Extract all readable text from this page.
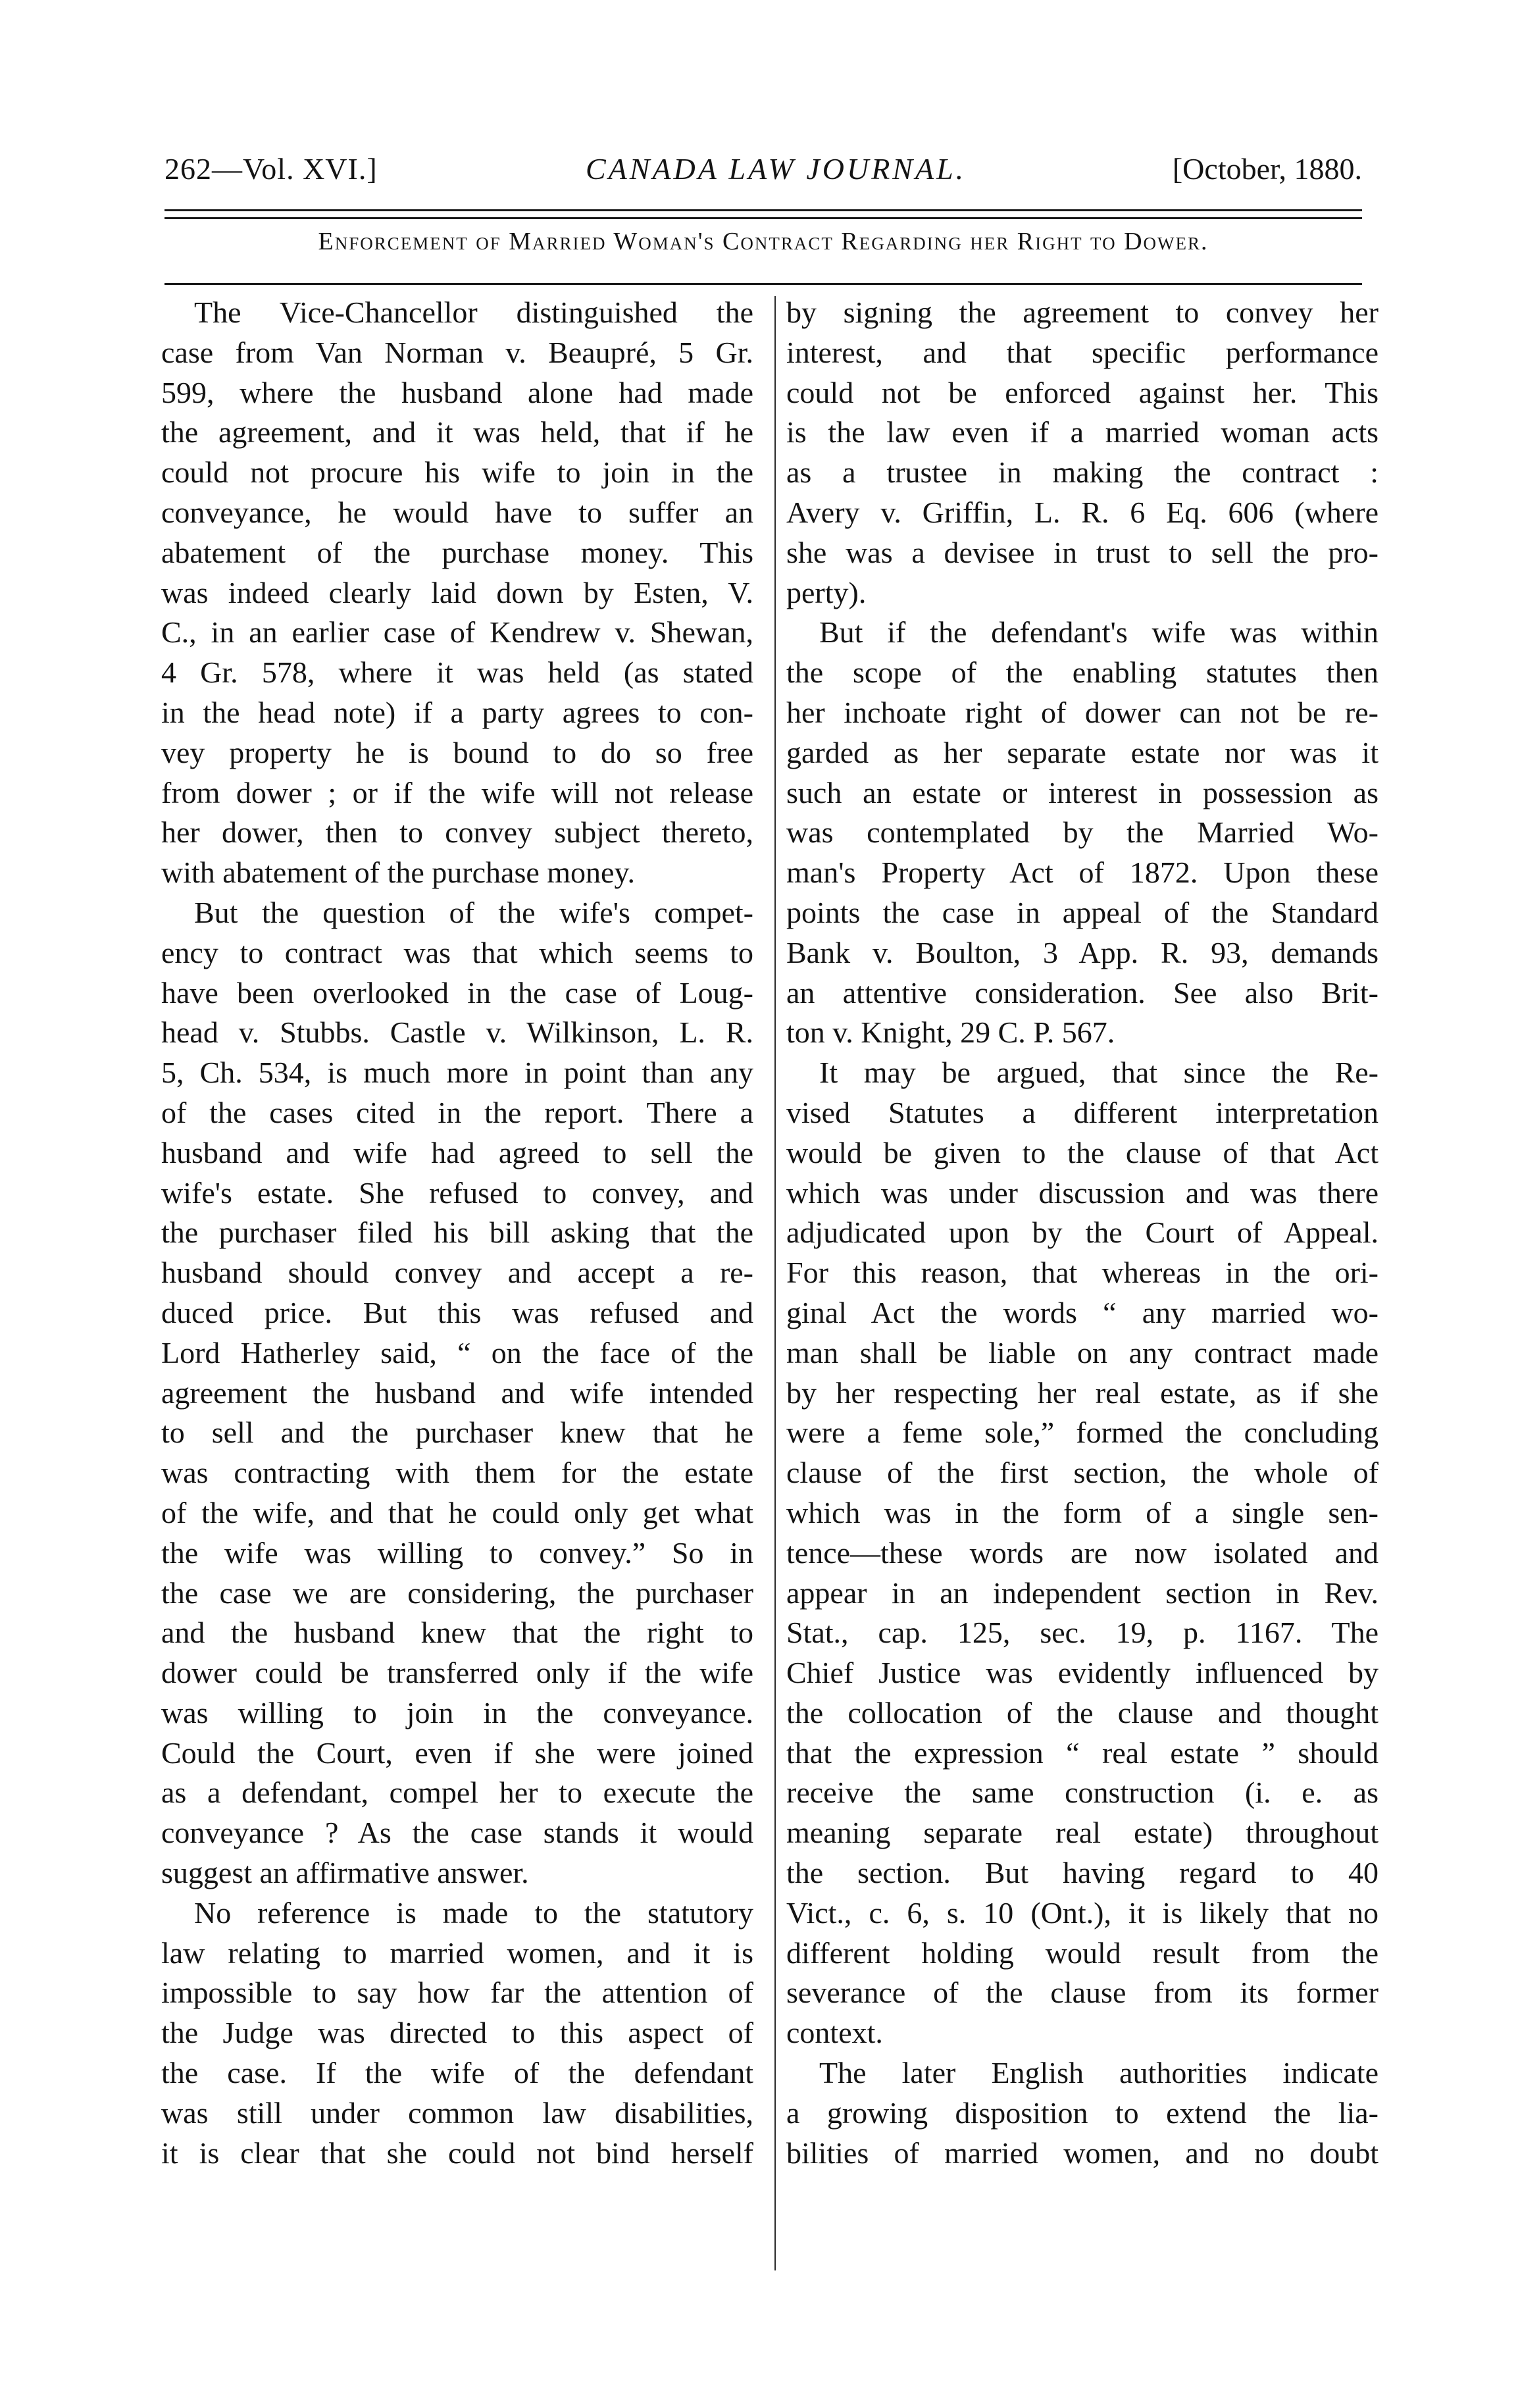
262—Vol. XVI.]	CANADA LAW JOURNAL.	[October, 1880.
Enforcement of Married Woman's Contract Regarding her Right to Dower.
The Vice-Chancellor distinguished the
case from Van Norman v. Beaupré, 5 Gr.
599, where the husband alone had made
the agreement, and it was held, that if he
could not procure his wife to join in the
conveyance, he would have to suffer an
abatement of the purchase money. This
was indeed clearly laid down by Esten, V.
C., in an earlier case of Kendrew v. Shewan,
4 Gr. 578, where it was held (as stated
in the head note) if a party agrees to con-
vey property he is bound to do so free
from dower ; or if the wife will not release
her dower, then to convey subject thereto,
with abatement of the purchase money.
But the question of the wife's compet-
ency to contract was that which seems to
have been overlooked in the case of Loug-
head v. Stubbs. Castle v. Wilkinson, L. R.
5, Ch. 534, is much more in point than any
of the cases cited in the report. There a
husband and wife had agreed to sell the
wife's estate. She refused to convey, and
the purchaser filed his bill asking that the
husband should convey and accept a re-
duced price. But this was refused and
Lord Hatherley said, “ on the face of the
agreement the husband and wife intended
to sell and the purchaser knew that he
was contracting with them for the estate
of the wife, and that he could only get what
the wife was willing to convey.” So in
the case we are considering, the purchaser
and the husband knew that the right to
dower could be transferred only if the wife
was willing to join in the conveyance.
Could the Court, even if she were joined
as a defendant, compel her to execute the
conveyance ? As the case stands it would
suggest an affirmative answer.
No reference is made to the statutory
law relating to married women, and it is
impossible to say how far the attention of
the Judge was directed to this aspect of
the case. If the wife of the defendant
was still under common law disabilities,
it is clear that she could not bind herself
by signing the agreement to convey her
interest, and that specific performance
could not be enforced against her. This
is the law even if a married woman acts
as a trustee in making the contract :
Avery v. Griffin, L. R. 6 Eq. 606 (where
she was a devisee in trust to sell the pro-
perty).
But if the defendant's wife was within
the scope of the enabling statutes then
her inchoate right of dower can not be re-
garded as her separate estate nor was it
such an estate or interest in possession as
was contemplated by the Married Wo-
man's Property Act of 1872. Upon these
points the case in appeal of the Standard
Bank v. Boulton, 3 App. R. 93, demands
an attentive consideration. See also Brit-
ton v. Knight, 29 C. P. 567.
It may be argued, that since the Re-
vised Statutes a different interpretation
would be given to the clause of that Act
which was under discussion and was there
adjudicated upon by the Court of Appeal.
For this reason, that whereas in the ori-
ginal Act the words “ any married wo-
man shall be liable on any contract made
by her respecting her real estate, as if she
were a feme sole,” formed the concluding
clause of the first section, the whole of
which was in the form of a single sen-
tence—these words are now isolated and
appear in an independent section in Rev.
Stat., cap. 125, sec. 19, p. 1167. The
Chief Justice was evidently influenced by
the collocation of the clause and thought
that the expression “ real estate ” should
receive the same construction (i. e. as
meaning separate real estate) throughout
the section. But having regard to 40
Vict., c. 6, s. 10 (Ont.), it is likely that no
different holding would result from the
severance of the clause from its former
context.
The later English authorities indicate
a growing disposition to extend the lia-
bilities of married women, and no doubt
